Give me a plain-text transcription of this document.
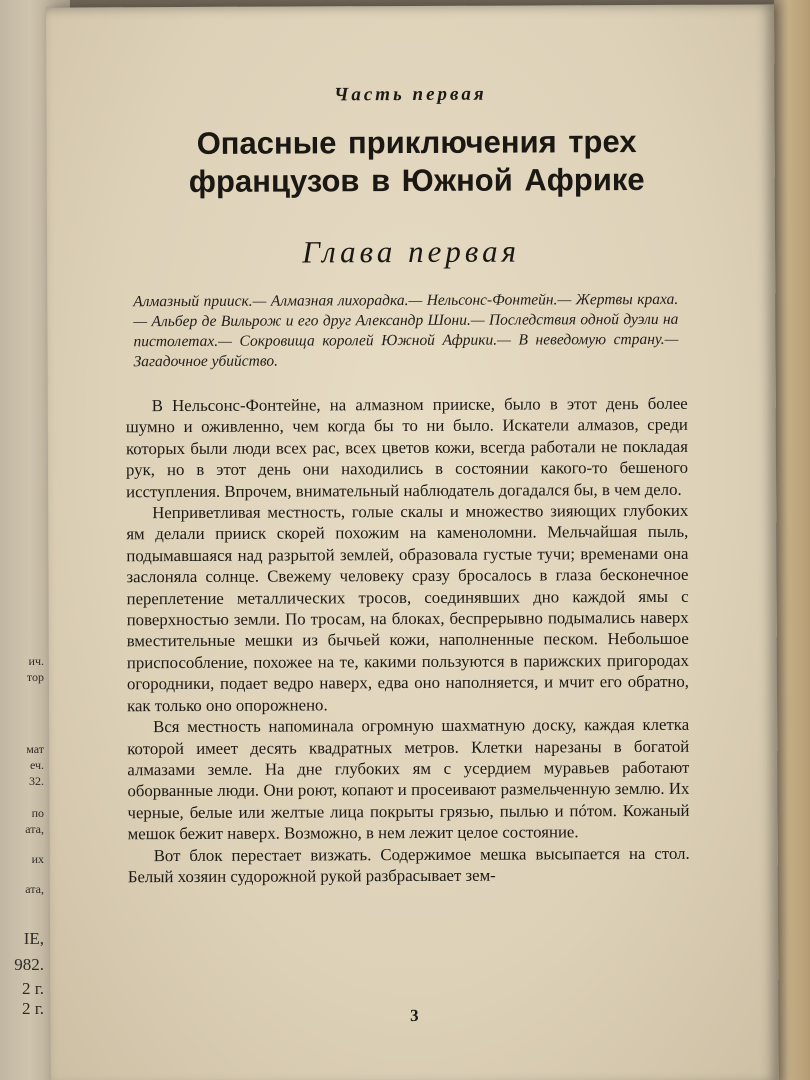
ич.
тор
мат
еч.
32.
по
ата,
их
ата,
IE,
982.
2 г.
2 г.
Часть первая
Опасные приключения трех французов в Южной Африке
Глава первая
Алмазный прииск.— Алмазная лихорадка.— Нельсонс-Фонтейн.— Жертвы краха.— Альбер де Вильрож и его друг Александр Шони.— Последствия одной дуэли на пистолетах.— Сокровища королей Южной Африки.— В неведомую страну.— Загадочное убийство.

В Нельсонс-Фонтейне, на алмазном прииске, было в этот день более шумно и оживленно, чем когда бы то ни было. Искатели алмазов, среди которых были люди всех рас, всех цветов кожи, всегда работали не покладая рук, но в этот день они находились в состоянии какого-то бешеного исступления. Впрочем, внимательный наблюдатель догадался бы, в чем дело.

Неприветливая местность, голые скалы и множество зияющих глубоких ям делали прииск скорей похожим на каменоломни. Мельчайшая пыль, подымавшаяся над разрытой землей, образовала густые тучи; временами она заслоняла солнце. Свежему человеку сразу бросалось в глаза бесконечное переплетение металлических тросов, соединявших дно каждой ямы с поверхностью земли. По тросам, на блоках, беспрерывно подымались наверх вместительные мешки из бычьей кожи, наполненные песком. Небольшое приспособление, похожее на те, какими пользуются в парижских пригородах огородники, подает ведро наверх, едва оно наполняется, и мчит его обратно, как только оно опорожнено.

Вся местность напоминала огромную шахматную доску, каждая клетка которой имеет десять квадратных метров. Клетки нарезаны в богатой алмазами земле. На дне глубоких ям с усердием муравьев работают оборванные люди. Они роют, копают и просеивают размельченную землю. Их черные, белые или желтые лица покрыты грязью, пылью и пóтом. Кожаный мешок бежит наверх. Возможно, в нем лежит целое состояние.

Вот блок перестает визжать. Содержимое мешка высыпается на стол. Белый хозяин судорожной рукой разбрасывает зем-

3
